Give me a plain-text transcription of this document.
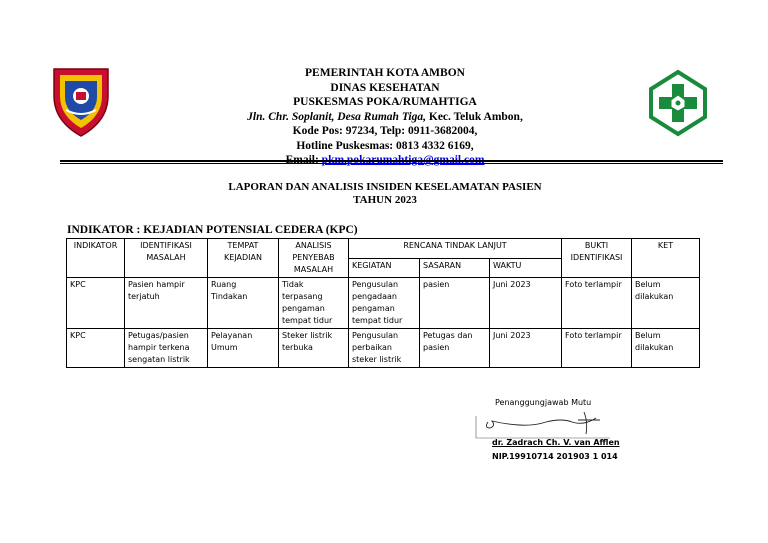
PEMERINTAH KOTA AMBON
DINAS KESEHATAN
PUSKESMAS POKA/RUMAHTIGA
Jln. Chr. Soplanit, Desa Rumah Tiga, Kec. Teluk Ambon,
Kode Pos: 97234, Telp: 0911-3682004,
Hotline Puskesmas: 0813 4332 6169,
LAPORAN DAN ANALISIS INSIDEN KESELAMATAN PASIEN
TAHUN 2023
INDIKATOR : KEJADIAN POTENSIAL CEDERA (KPC)
INDIKATOR	IDENTIFIKASI MASALAH	TEMPAT KEJADIAN	ANALISIS PENYEBAB MASALAH	RENCANA TINDAK LANJUT			BUKTI IDENTIFIKASI	KET
				KEGIATAN	SASARAN	WAKTU		
KPC	Pasien hampir terjatuh	Ruang Tindakan	Tidak terpasang pengaman tempat tidur	Pengusulan pengadaan pengaman tempat tidur	pasien	Juni 2023	Foto terlampir	Belum dilakukan
KPC	Petugas/pasien hampir terkena sengatan listrik	Pelayanan Umum	Steker listrik terbuka	Pengusulan perbaikan steker listrik	Petugas dan pasien	Juni 2023	Foto terlampir	Belum dilakukan
Penanggungjawab Mutu
dr. Zadrach Ch. V. van Afflen
NIP.19910714 201903 1 014
